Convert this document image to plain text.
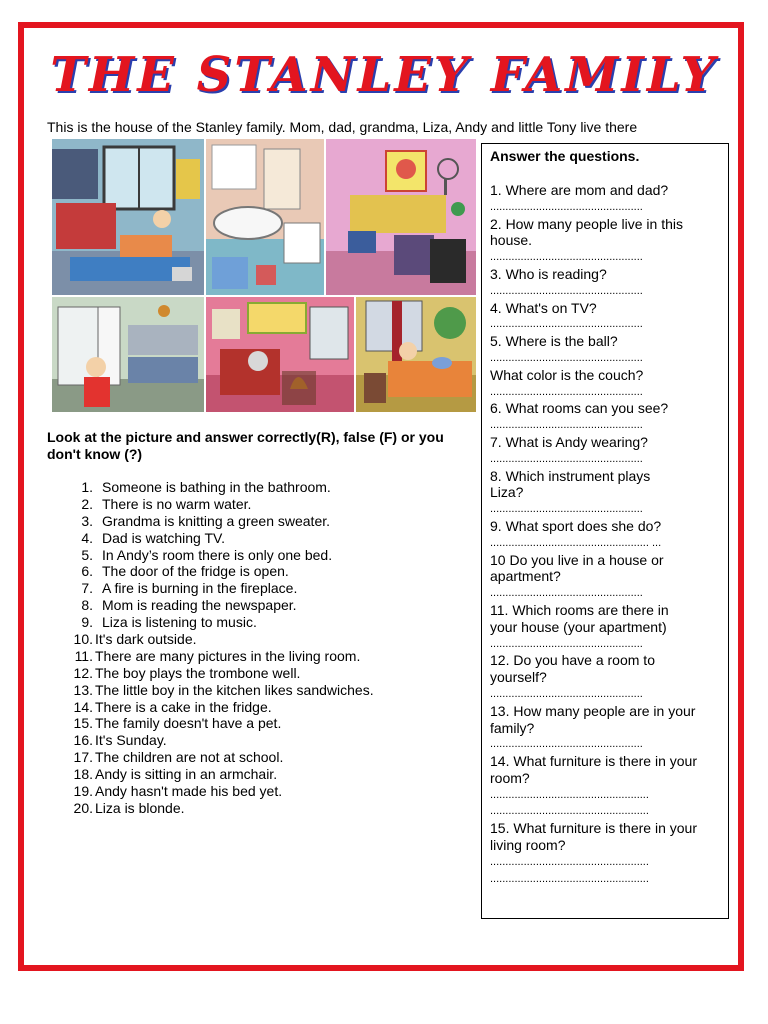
THE STANLEY FAMILY
This is the house of the Stanley family. Mom, dad, grandma, Liza, Andy and little Tony live there
Look at the picture and answer correctly(R), false (F) or you don't know (?)
1. Someone is bathing in the bathroom.
2. There is no warm water.
3. Grandma is knitting a green sweater.
4. Dad is watching TV.
5. In Andy’s room there is only one bed.
6. The door of the fridge is open.
7. A fire is burning in the fireplace.
8. Mom is reading the newspaper.
9. Liza is listening to music.
10. It's dark outside.
11. There are many pictures in the living room.
12. The boy plays the trombone well.
13. The little boy in the kitchen likes sandwiches.
14. There is a cake in the fridge.
15. The family doesn't have a pet.
16. It's Sunday.
17. The children are not at school.
18. Andy is sitting in an armchair.
19. Andy hasn't made his bed yet.
20. Liza is blonde.
Answer the questions.
1. Where are mom and dad?
..................................................
2. How many people live in this
house.
..................................................
3. Who is reading?
..................................................
4. What's on TV?
..................................................
5. Where is the ball?
..................................................
What color is the couch?
..................................................
6. What rooms can you see?
..................................................
7. What is Andy wearing?
..................................................
8. Which instrument plays
Liza?
..................................................
9. What sport does she do?
.................................................... ...
10 Do you live in a house or
apartment?
..................................................
11. Which rooms are there in
your house (your apartment)
..................................................
12. Do you have a room to
yourself?
..................................................
13. How many people are in your
family?
..................................................
14. What furniture is there in your
room?
....................................................
....................................................
15. What furniture is there in your
living room?
....................................................
....................................................
